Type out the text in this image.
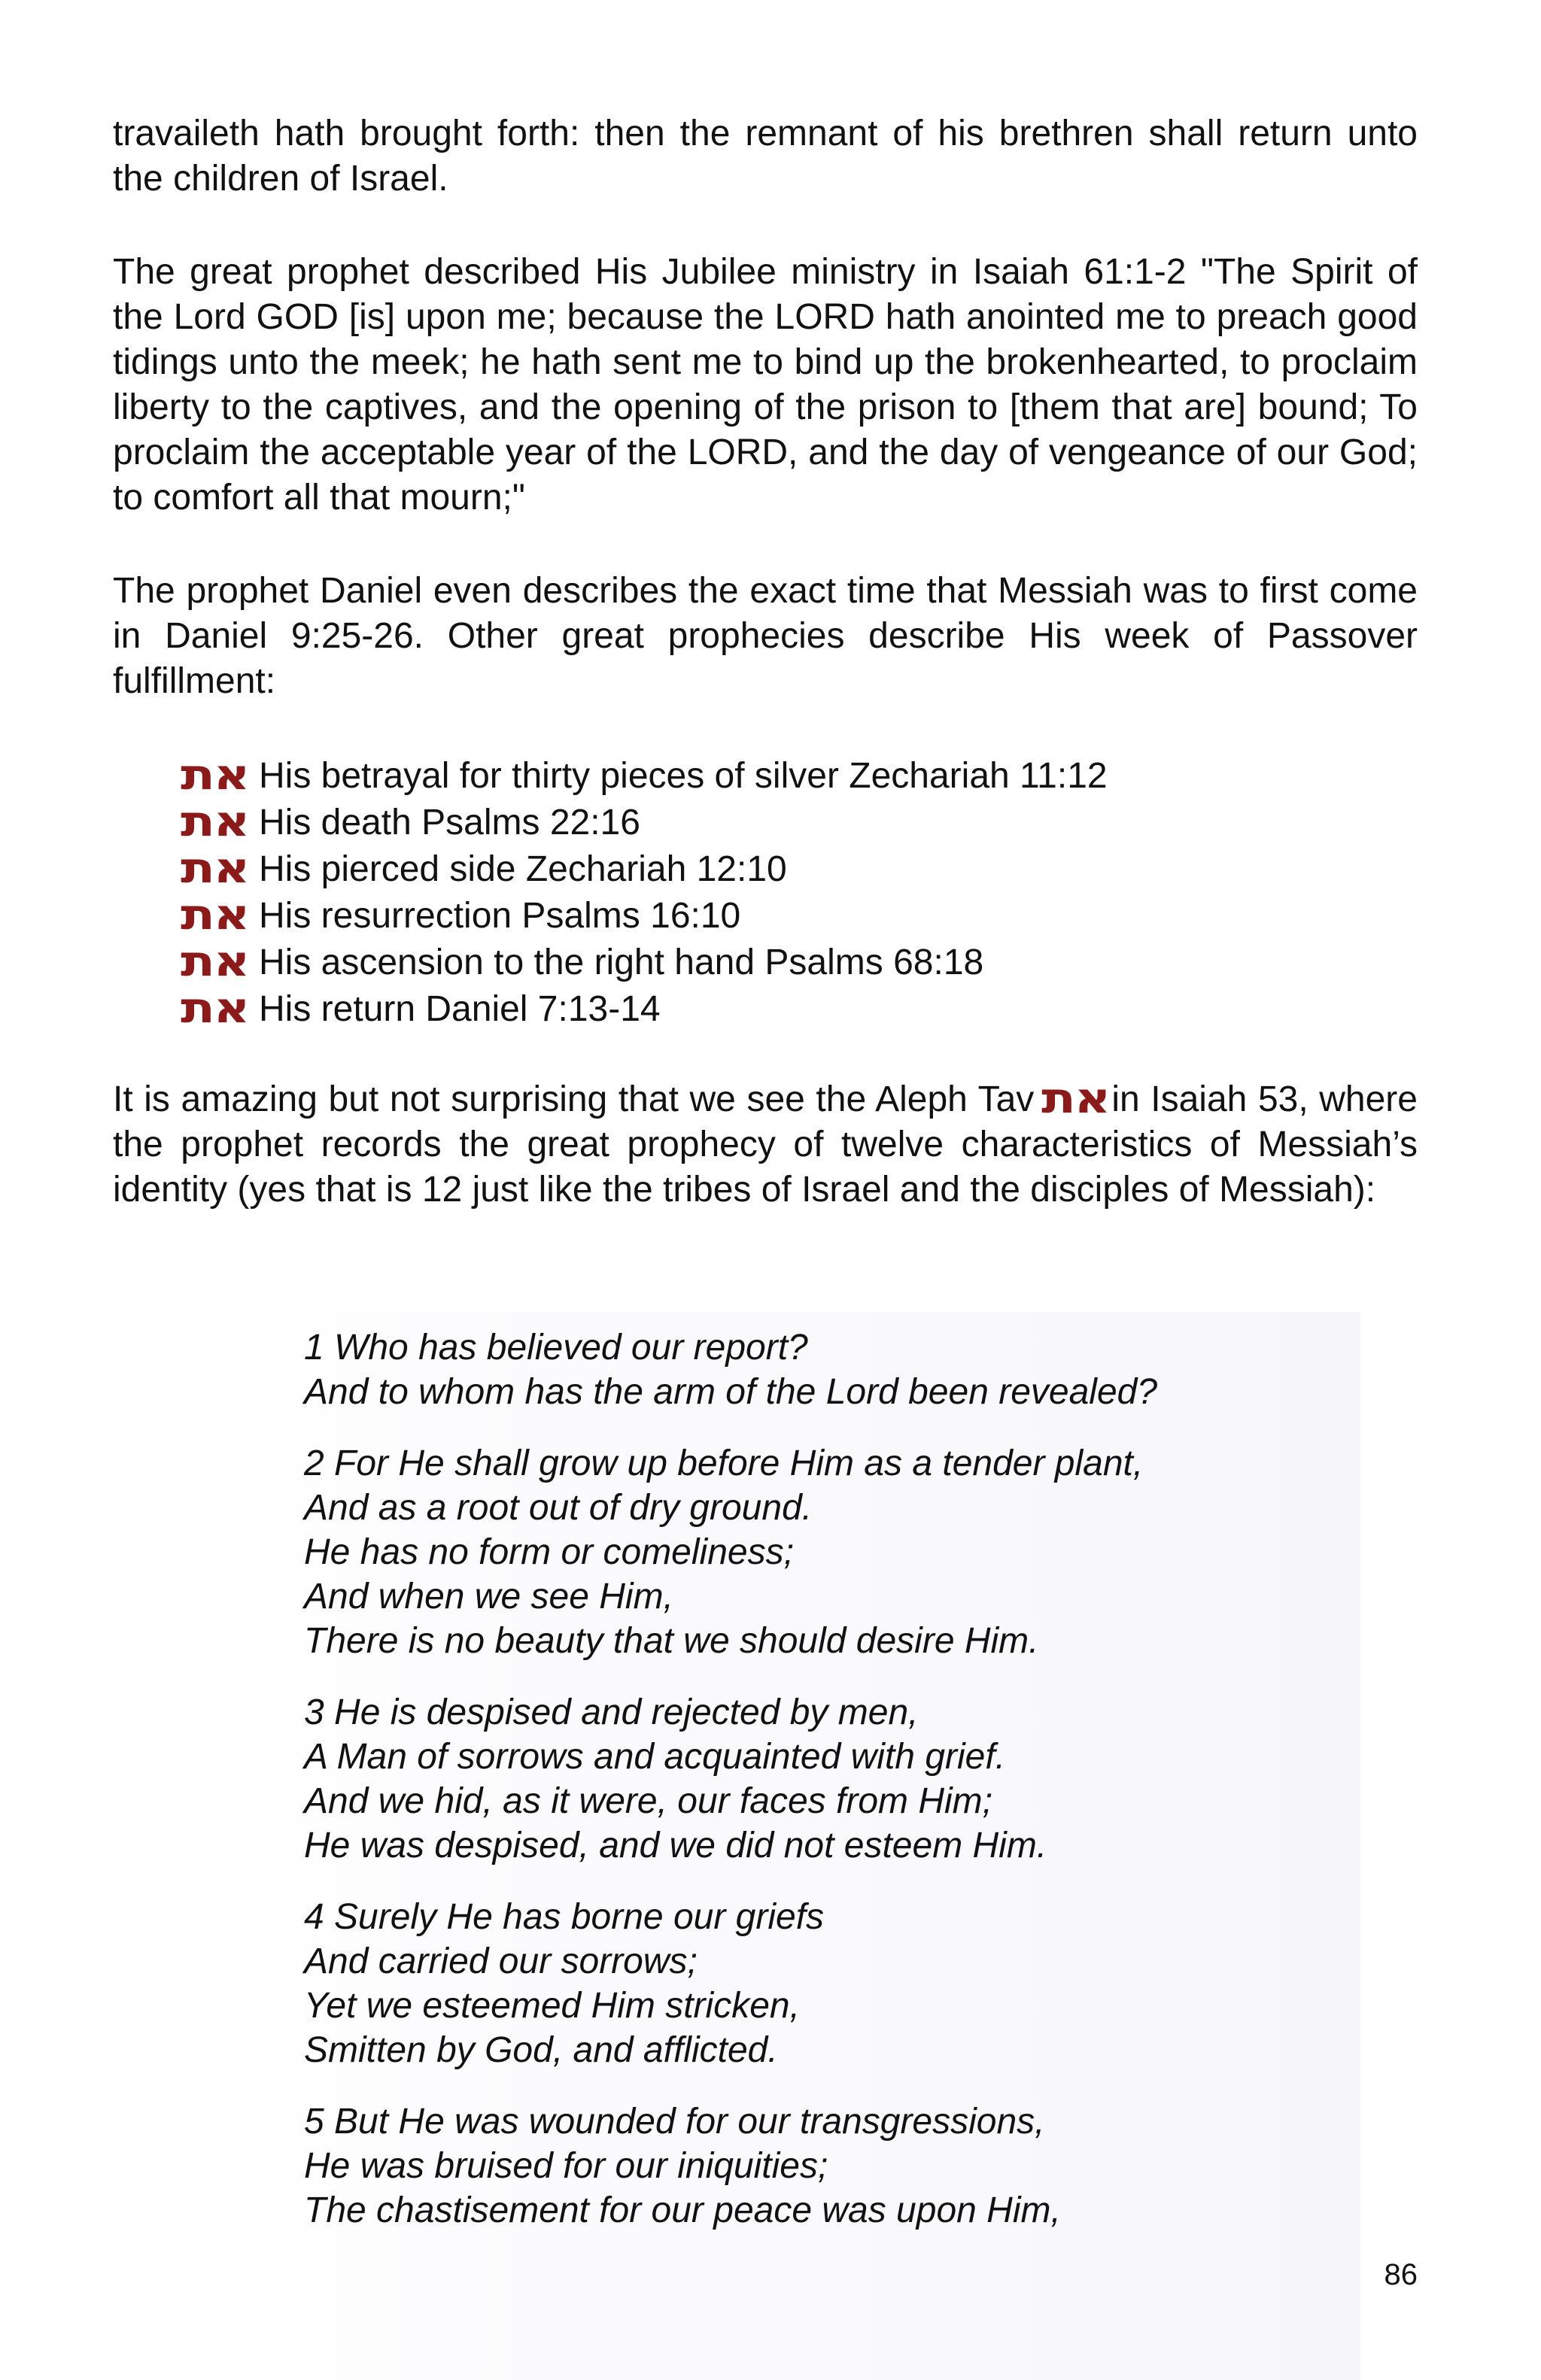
travaileth hath brought forth: then the remnant of his brethren shall return unto the children of Israel.

The great prophet described His Jubilee ministry in Isaiah 61:1-2 "The Spirit of the Lord GOD [is] upon me; because the LORD hath anointed me to preach good tidings unto the meek; he hath sent me to bind up the brokenhearted, to proclaim liberty to the captives, and the opening of the prison to [them that are] bound; To proclaim the acceptable year of the LORD, and the day of vengeance of our God; to comfort all that mourn;"

The prophet Daniel even describes the exact time that Messiah was to first come in Daniel 9:25-26. Other great prophecies describe His week of Passover fulfillment:

את His betrayal for thirty pieces of silver Zechariah 11:12
את His death Psalms 22:16
את His pierced side Zechariah 12:10
את His resurrection Psalms 16:10
את His ascension to the right hand Psalms 68:18
את His return Daniel 7:13-14

It is amazing but not surprising that we see the Aleph Tav אתin Isaiah 53, where the prophet records the great prophecy of twelve characteristics of Messiah’s identity (yes that is 12 just like the tribes of Israel and the disciples of Messiah):

1 Who has believed our report?
And to whom has the arm of the Lord been revealed?
2 For He shall grow up before Him as a tender plant,
And as a root out of dry ground.
He has no form or comeliness;
And when we see Him,
There is no beauty that we should desire Him.
3 He is despised and rejected by men,
A Man of sorrows and acquainted with grief.
And we hid, as it were, our faces from Him;
He was despised, and we did not esteem Him.
4 Surely He has borne our griefs
And carried our sorrows;
Yet we esteemed Him stricken,
Smitten by God, and afflicted.
5 But He was wounded for our transgressions,
He was bruised for our iniquities;
The chastisement for our peace was upon Him,
86
